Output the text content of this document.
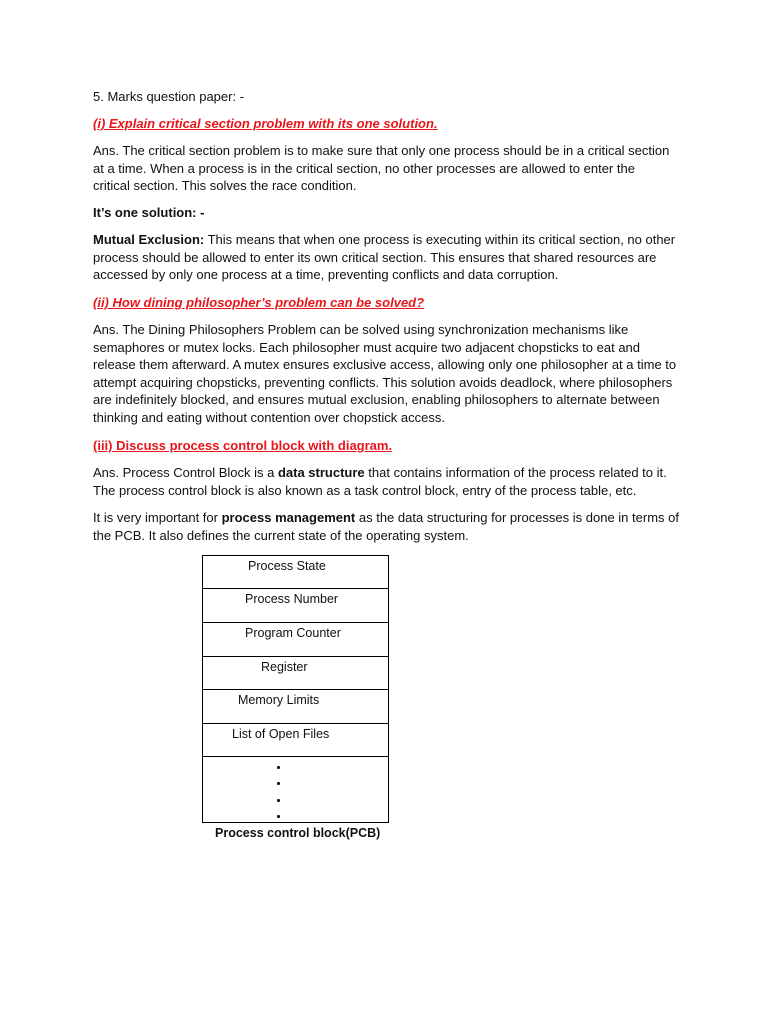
5. Marks question paper: -
(i) Explain critical section problem with its one solution.

Ans. The critical section problem is to make sure that only one process should be in a critical section
at a time. When a process is in the critical section, no other processes are allowed to enter the
critical section. This solves the race condition.

It’s one solution: -

Mutual Exclusion: This means that when one process is executing within its critical section, no other
process should be allowed to enter its own critical section. This ensures that shared resources are
accessed by only one process at a time, preventing conflicts and data corruption.

(ii) How dining philosopher’s problem can be solved?

Ans. The Dining Philosophers Problem can be solved using synchronization mechanisms like
semaphores or mutex locks. Each philosopher must acquire two adjacent chopsticks to eat and
release them afterward. A mutex ensures exclusive access, allowing only one philosopher at a time to
attempt acquiring chopsticks, preventing conflicts. This solution avoids deadlock, where philosophers
are indefinitely blocked, and ensures mutual exclusion, enabling philosophers to alternate between
thinking and eating without contention over chopstick access.

(iii) Discuss process control block with diagram.

Ans. Process Control Block is a data structure that contains information of the process related to it.
The process control block is also known as a task control block, entry of the process table, etc.

It is very important for process management as the data structuring for processes is done in terms of
the PCB. It also defines the current state of the operating system.

Process State
Process Number
Program Counter
Register
Memory Limits
List of Open Files
Process control block(PCB)
